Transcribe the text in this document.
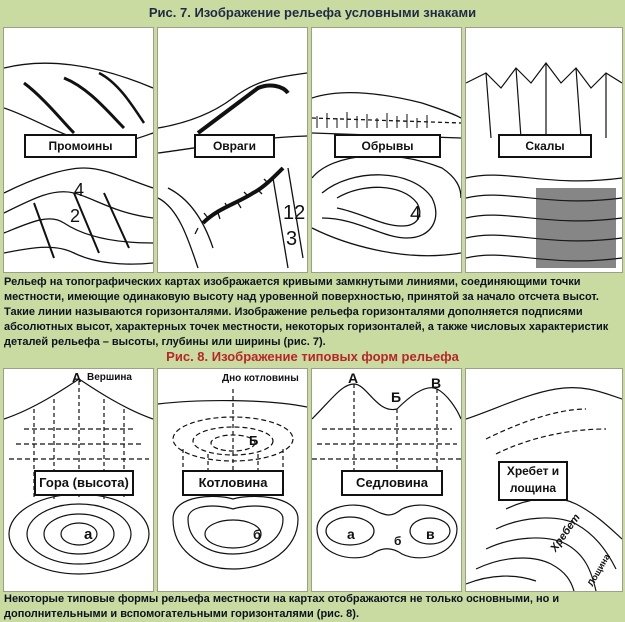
Рис. 7. Изображение рельефа условными знаками
Промоины
4
2
Овраги
12
3
Обрывы
4
Скалы
Рельеф на топографических картах изображается кривыми замкнутыми линиями, соединяющими точки местности, имеющие одинаковую высоту над уровенной поверхностью, принятой за начало отсчета высот. Такие линии называются горизонталями. Изображение рельефа горизонталями дополняется подписями абсолютных высот, характерных точек местности, некоторых горизонталей, а также числовых характеристик деталей рельефа – высоты, глубины или ширины (рис. 7).
Рис. 8. Изображение типовых форм рельефа
А Вершина
Гора (высота)
а
Дно котловины
Б
Котловина
б
А
Б
В
Седловина
а	б в
Хребет и
лощина
Хребет
Лощина
Некоторые типовые формы рельефа местности на картах отображаются не только основными, но и дополнительными и вспомогательными горизонталями (рис. 8).
